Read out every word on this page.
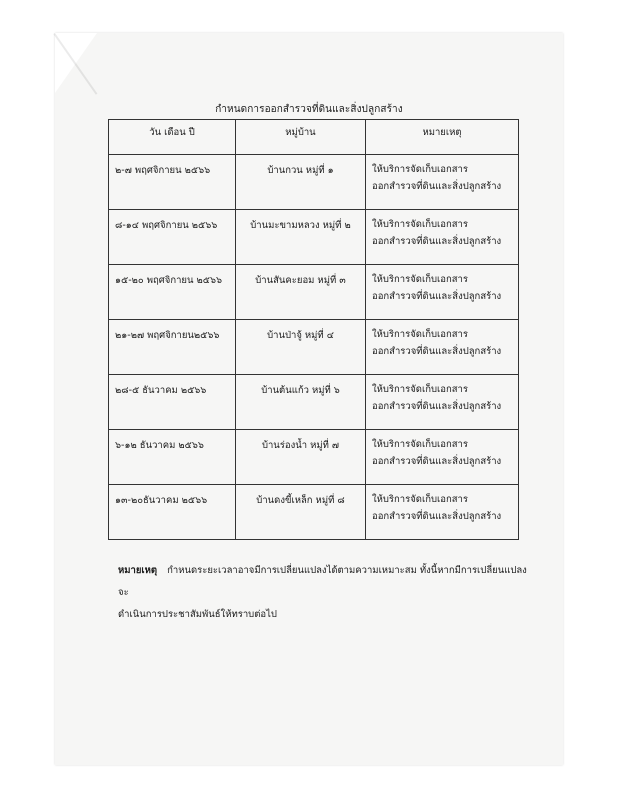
กำหนดการออกสำรวจที่ดินและสิ่งปลูกสร้าง
วัน เดือน ปี	หมู่บ้าน	หมายเหตุ

๒-๗ พฤศจิกายน ๒๕๖๖	บ้านกวน หมู่ที่ ๑	ให้บริการจัดเก็บเอกสาร
ออกสำรวจที่ดินและสิ่งปลูกสร้าง

๘-๑๔ พฤศจิกายน ๒๕๖๖	บ้านมะขามหลวง หมู่ที่ ๒	ให้บริการจัดเก็บเอกสาร
ออกสำรวจที่ดินและสิ่งปลูกสร้าง

๑๕-๒๐ พฤศจิกายน ๒๕๖๖	บ้านสันคะยอม หมู่ที่ ๓	ให้บริการจัดเก็บเอกสาร
ออกสำรวจที่ดินและสิ่งปลูกสร้าง

๒๑-๒๗ พฤศจิกายน๒๕๖๖	บ้านป่าจู้ หมู่ที่ ๔	ให้บริการจัดเก็บเอกสาร
ออกสำรวจที่ดินและสิ่งปลูกสร้าง

๒๘-๕ ธันวาคม ๒๕๖๖	บ้านต้นแก้ว หมู่ที่ ๖	ให้บริการจัดเก็บเอกสาร
ออกสำรวจที่ดินและสิ่งปลูกสร้าง

๖-๑๒ ธันวาคม ๒๕๖๖	บ้านร่องน้ำ หมู่ที่ ๗	ให้บริการจัดเก็บเอกสาร
ออกสำรวจที่ดินและสิ่งปลูกสร้าง

๑๓-๒๐ธันวาคม ๒๕๖๖	บ้านดงขี้เหล็ก หมู่ที่ ๘	ให้บริการจัดเก็บเอกสาร
ออกสำรวจที่ดินและสิ่งปลูกสร้าง
หมายเหตุ กำหนดระยะเวลาอาจมีการเปลี่ยนแปลงได้ตามความเหมาะสม ทั้งนี้หากมีการเปลี่ยนแปลงจะ
ดำเนินการประชาสัมพันธ์ให้ทราบต่อไป
